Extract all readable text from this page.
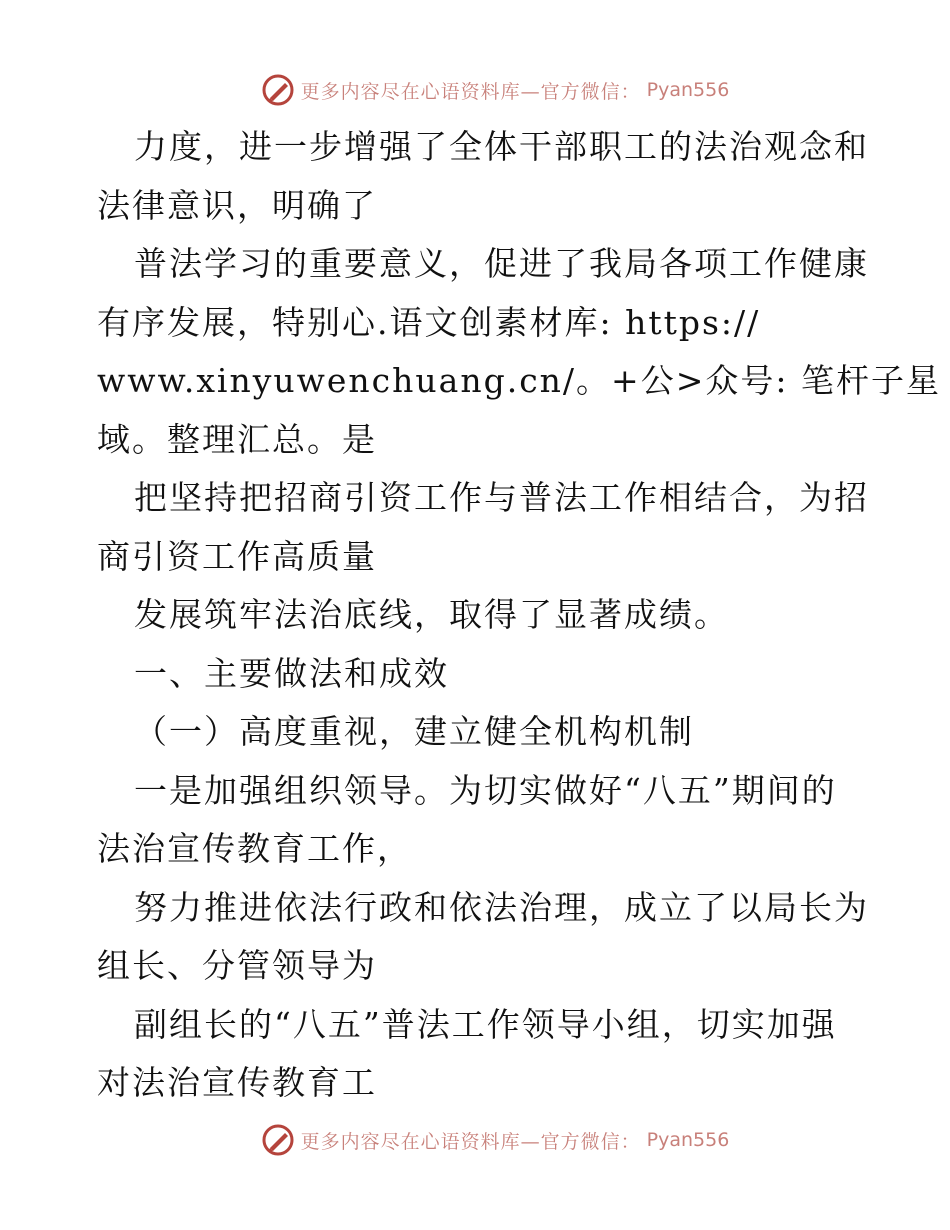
更多内容尽在心语资料库—官方微信： Pyan556
力度，进一步增强了全体干部职工的法治观念和
法律意识，明确了
普法学习的重要意义，促进了我局各项工作健康
有序发展，特别心.语文创素材库: https://
www.xinyuwenchuang.cn/。+公>众号: 笔杆子星
域。整理汇总。是
把坚持把招商引资工作与普法工作相结合，为招
商引资工作高质量
发展筑牢法治底线，取得了显著成绩。
一、主要做法和成效
（一）高度重视，建立健全机构机制
一是加强组织领导。为切实做好“八五”期间的
法治宣传教育工作，
努力推进依法行政和依法治理，成立了以局长为
组长、分管领导为
副组长的“八五”普法工作领导小组，切实加强
对法治宣传教育工
更多内容尽在心语资料库—官方微信： Pyan556
